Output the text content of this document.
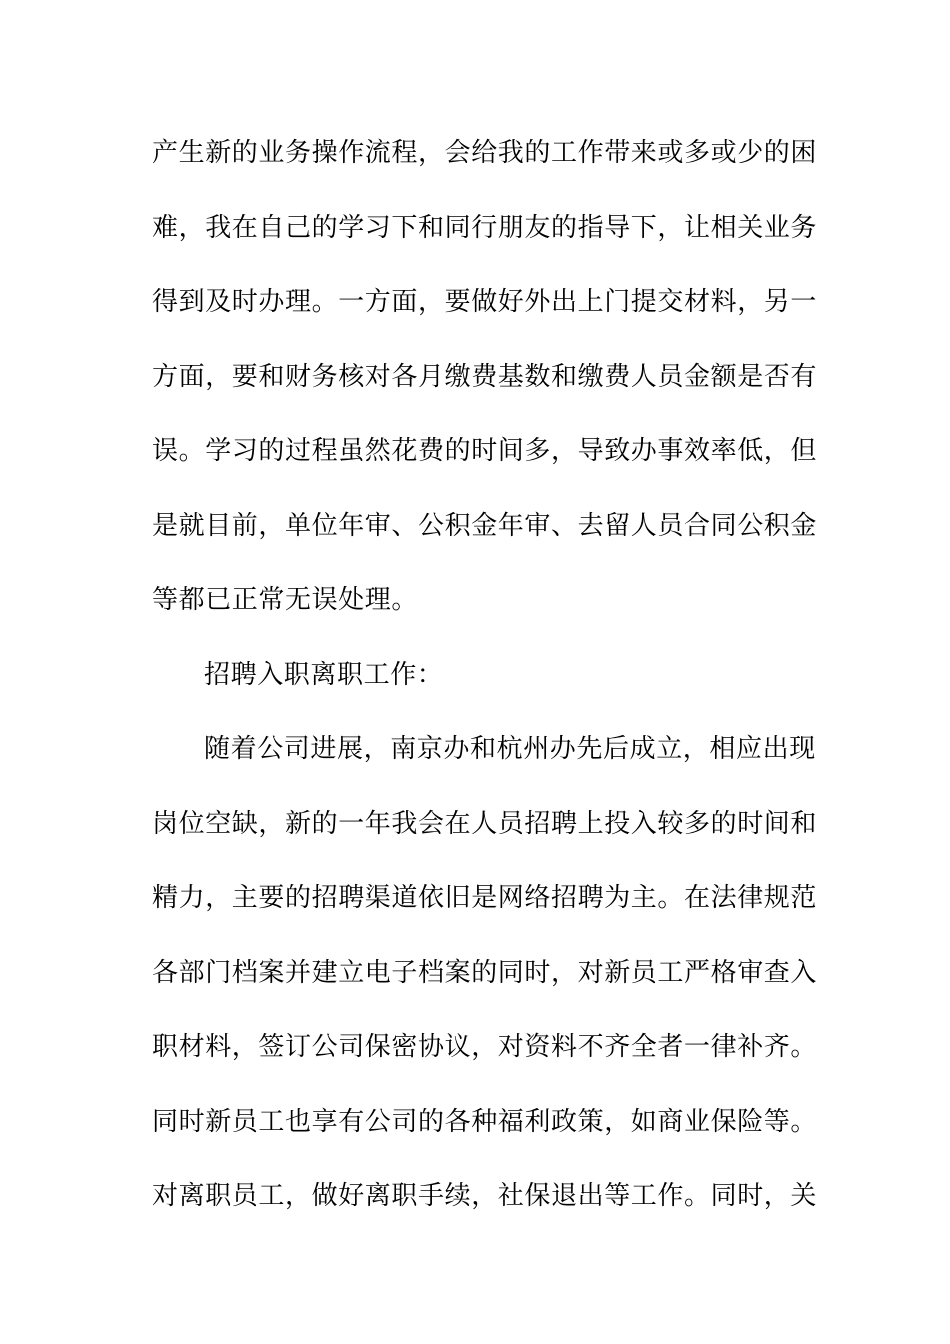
产生新的业务操作流程，会给我的工作带来或多或少的困
难，我在自己的学习下和同行朋友的指导下，让相关业务
得到及时办理。一方面，要做好外出上门提交材料，另一
方面，要和财务核对各月缴费基数和缴费人员金额是否有
误。学习的过程虽然花费的时间多，导致办事效率低，但
是就目前，单位年审、公积金年审、去留人员合同公积金
等都已正常无误处理。
招聘入职离职工作：
随着公司进展，南京办和杭州办先后成立，相应出现
岗位空缺，新的一年我会在人员招聘上投入较多的时间和
精力，主要的招聘渠道依旧是网络招聘为主。在法律规范
各部门档案并建立电子档案的同时，对新员工严格审查入
职材料，签订公司保密协议，对资料不齐全者一律补齐。
同时新员工也享有公司的各种福利政策，如商业保险等。
对离职员工，做好离职手续，社保退出等工作。同时，关
